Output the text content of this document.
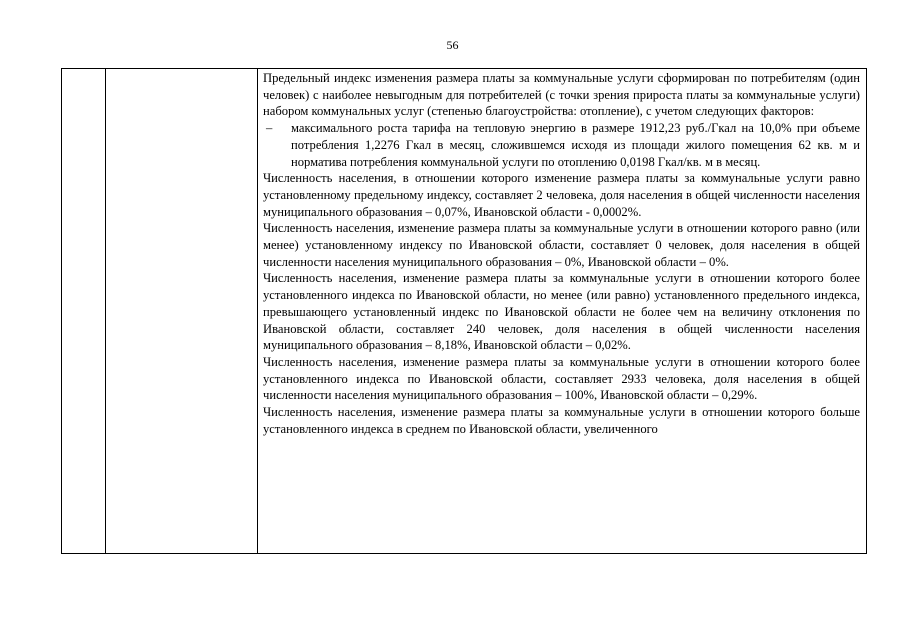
56

Предельный индекс изменения размера платы за коммунальные услуги сформирован по потребителям (один человек) с наиболее невыгодным для потребителей (с точки зрения прироста платы за коммунальные услуги) набором коммунальных услуг (степенью благоустройства: отопление), с учетом следующих факторов:

– максимального роста тарифа на тепловую энергию в размере 1912,23 руб./Гкал на 10,0% при объеме потребления 1,2276 Гкал в месяц, сложившемся исходя из площади жилого помещения 62 кв. м и норматива потребления коммунальной услуги по отоплению 0,0198 Гкал/кв. м в месяц.

Численность населения, в отношении которого изменение размера платы за коммунальные услуги равно установленному предельному индексу, составляет 2 человека, доля населения в общей численности населения муниципального образования – 0,07%, Ивановской области - 0,0002%.

Численность населения, изменение размера платы за коммунальные услуги в отношении которого равно (или менее) установленному индексу по Ивановской области, составляет 0 человек, доля населения в общей численности населения муниципального образования – 0%, Ивановской области – 0%.

Численность населения, изменение размера платы за коммунальные услуги в отношении которого более установленного индекса по Ивановской области, но менее (или равно) установленного предельного индекса, превышающего установленный индекс по Ивановской области не более чем на величину отклонения по Ивановской области, составляет 240 человек, доля населения в общей численности населения муниципального образования – 8,18%, Ивановской области – 0,02%.

Численность населения, изменение размера платы за коммунальные услуги в отношении которого более установленного индекса по Ивановской области, составляет 2933 человека, доля населения в общей численности населения муниципального образования – 100%, Ивановской области – 0,29%.

Численность населения, изменение размера платы за коммунальные услуги в отношении которого больше установленного индекса в среднем по Ивановской области, увеличенного
